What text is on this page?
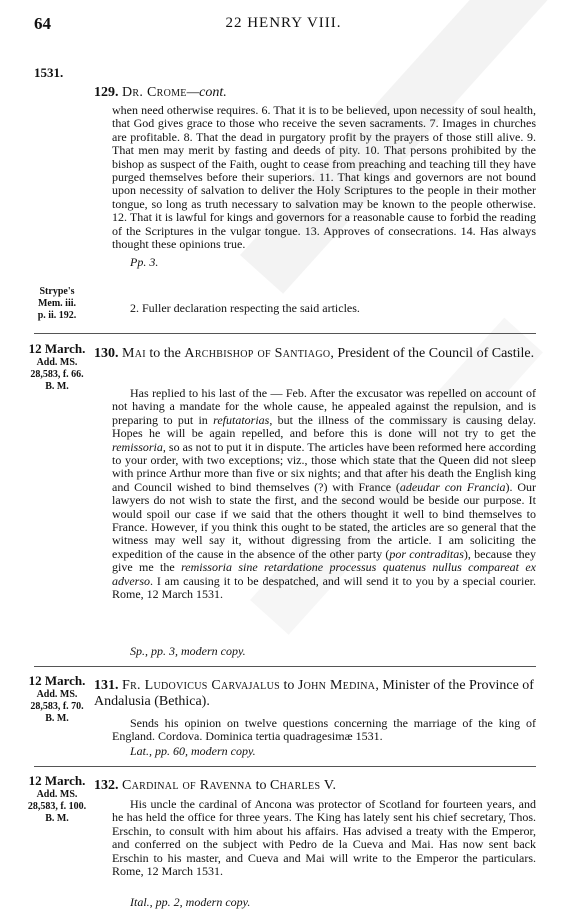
64	22 HENRY VIII.
1531.
129. Dr. Crome—cont.
when need otherwise requires. 6. That it is to be believed, upon necessity of soul health, that God gives grace to those who receive the seven sacraments. 7. Images in churches are profitable. 8. That the dead in purgatory profit by the prayers of those still alive. 9. That men may merit by fasting and deeds of pity. 10. That persons prohibited by the bishop as suspect of the Faith, ought to cease from preaching and teaching till they have purged themselves before their superiors. 11. That kings and governors are not bound upon necessity of salvation to deliver the Holy Scriptures to the people in their mother tongue, so long as truth necessary to salvation may be known to the people otherwise. 12. That it is lawful for kings and governors for a reasonable cause to forbid the reading of the Scriptures in the vulgar tongue. 13. Approves of consecrations. 14. Has always thought these opinions true.
Pp. 3.
Strype's
Mem. iii.
p. ii. 192.
2. Fuller declaration respecting the said articles.
12 March.
Add. MS.
28,583, f. 66.
B. M.
130. Mai to the Archbishop of Santiago, President of the Council of Castile.
Has replied to his last of the — Feb. After the excusator was repelled on account of not having a mandate for the whole cause, he appealed against the repulsion, and is preparing to put in refutatorias, but the illness of the commissary is causing delay. Hopes he will be again repelled, and before this is done will not try to get the remissoria, so as not to put it in dispute. The articles have been reformed here according to your order, with two exceptions; viz., those which state that the Queen did not sleep with prince Arthur more than five or six nights; and that after his death the English king and Council wished to bind themselves (?) with France (adeudar con Francia). Our lawyers do not wish to state the first, and the second would be beside our purpose. It would spoil our case if we said that the others thought it well to bind themselves to France. However, if you think this ought to be stated, the articles are so general that the witness may well say it, without digressing from the article. I am soliciting the expedition of the cause in the absence of the other party (por contraditas), because they give me the remissoria sine retardatione processus quatenus nullus compareat ex adverso. I am causing it to be despatched, and will send it to you by a special courier. Rome, 12 March 1531.
Sp., pp. 3, modern copy.
12 March.
Add. MS.
28,583, f. 70.
B. M.
131. Fr. Ludovicus Carvajalus to John Medina, Minister of the Province of Andalusia (Bethica).
Sends his opinion on twelve questions concerning the marriage of the king of England. Cordova. Dominica tertia quadragesimæ 1531.
Lat., pp. 60, modern copy.
12 March.
Add. MS.
28,583, f. 100.
B. M.
132. Cardinal of Ravenna to Charles V.
His uncle the cardinal of Ancona was protector of Scotland for fourteen years, and he has held the office for three years. The King has lately sent his chief secretary, Thos. Erschin, to consult with him about his affairs. Has advised a treaty with the Emperor, and conferred on the subject with Pedro de la Cueva and Mai. Has now sent back Erschin to his master, and Cueva and Mai will write to the Emperor the particulars. Rome, 12 March 1531.
Ital., pp. 2, modern copy.
